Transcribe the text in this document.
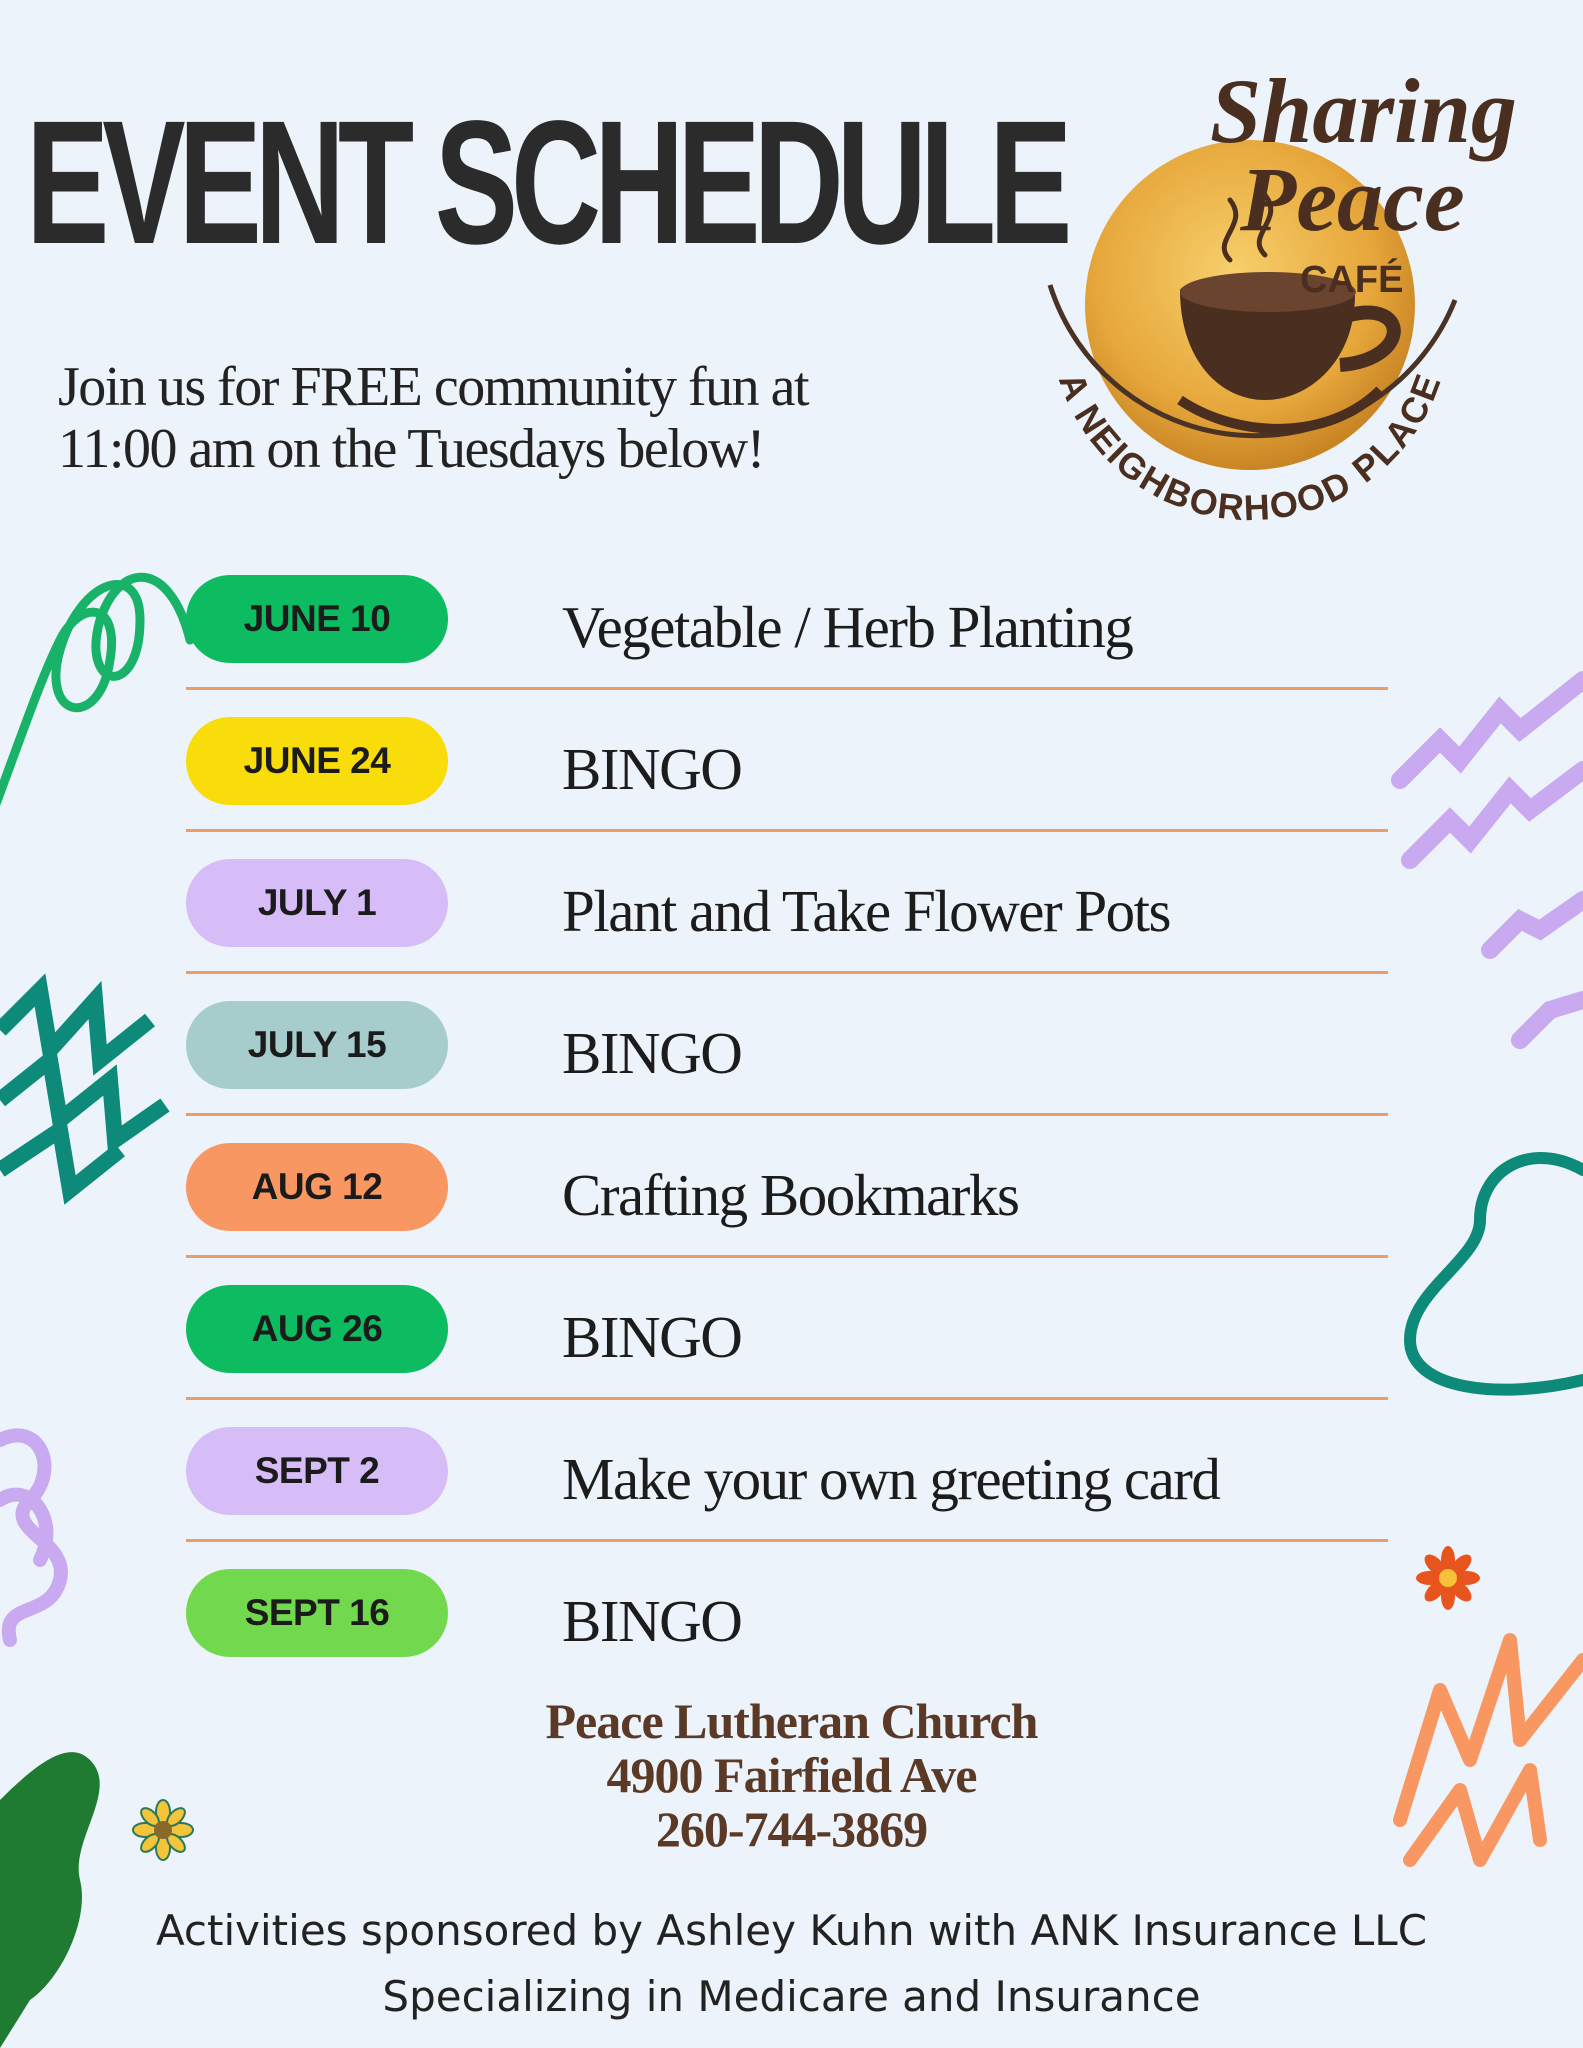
EVENT SCHEDULE
Join us for FREE community fun at
11:00 am on the Tuesdays below!
Sharing
Peace
CAFÉ
A NEIGHBORHOOD PLACE
JUNE 10	Vegetable / Herb Planting
JUNE 24	BINGO
JULY 1	Plant and Take Flower Pots
JULY 15	BINGO
AUG 12	Crafting Bookmarks
AUG 26	BINGO
SEPT 2	Make your own greeting card
SEPT 16	BINGO
Peace Lutheran Church
4900 Fairfield Ave
260-744-3869
Activities sponsored by Ashley Kuhn with ANK Insurance LLC
Specializing in Medicare and Insurance
